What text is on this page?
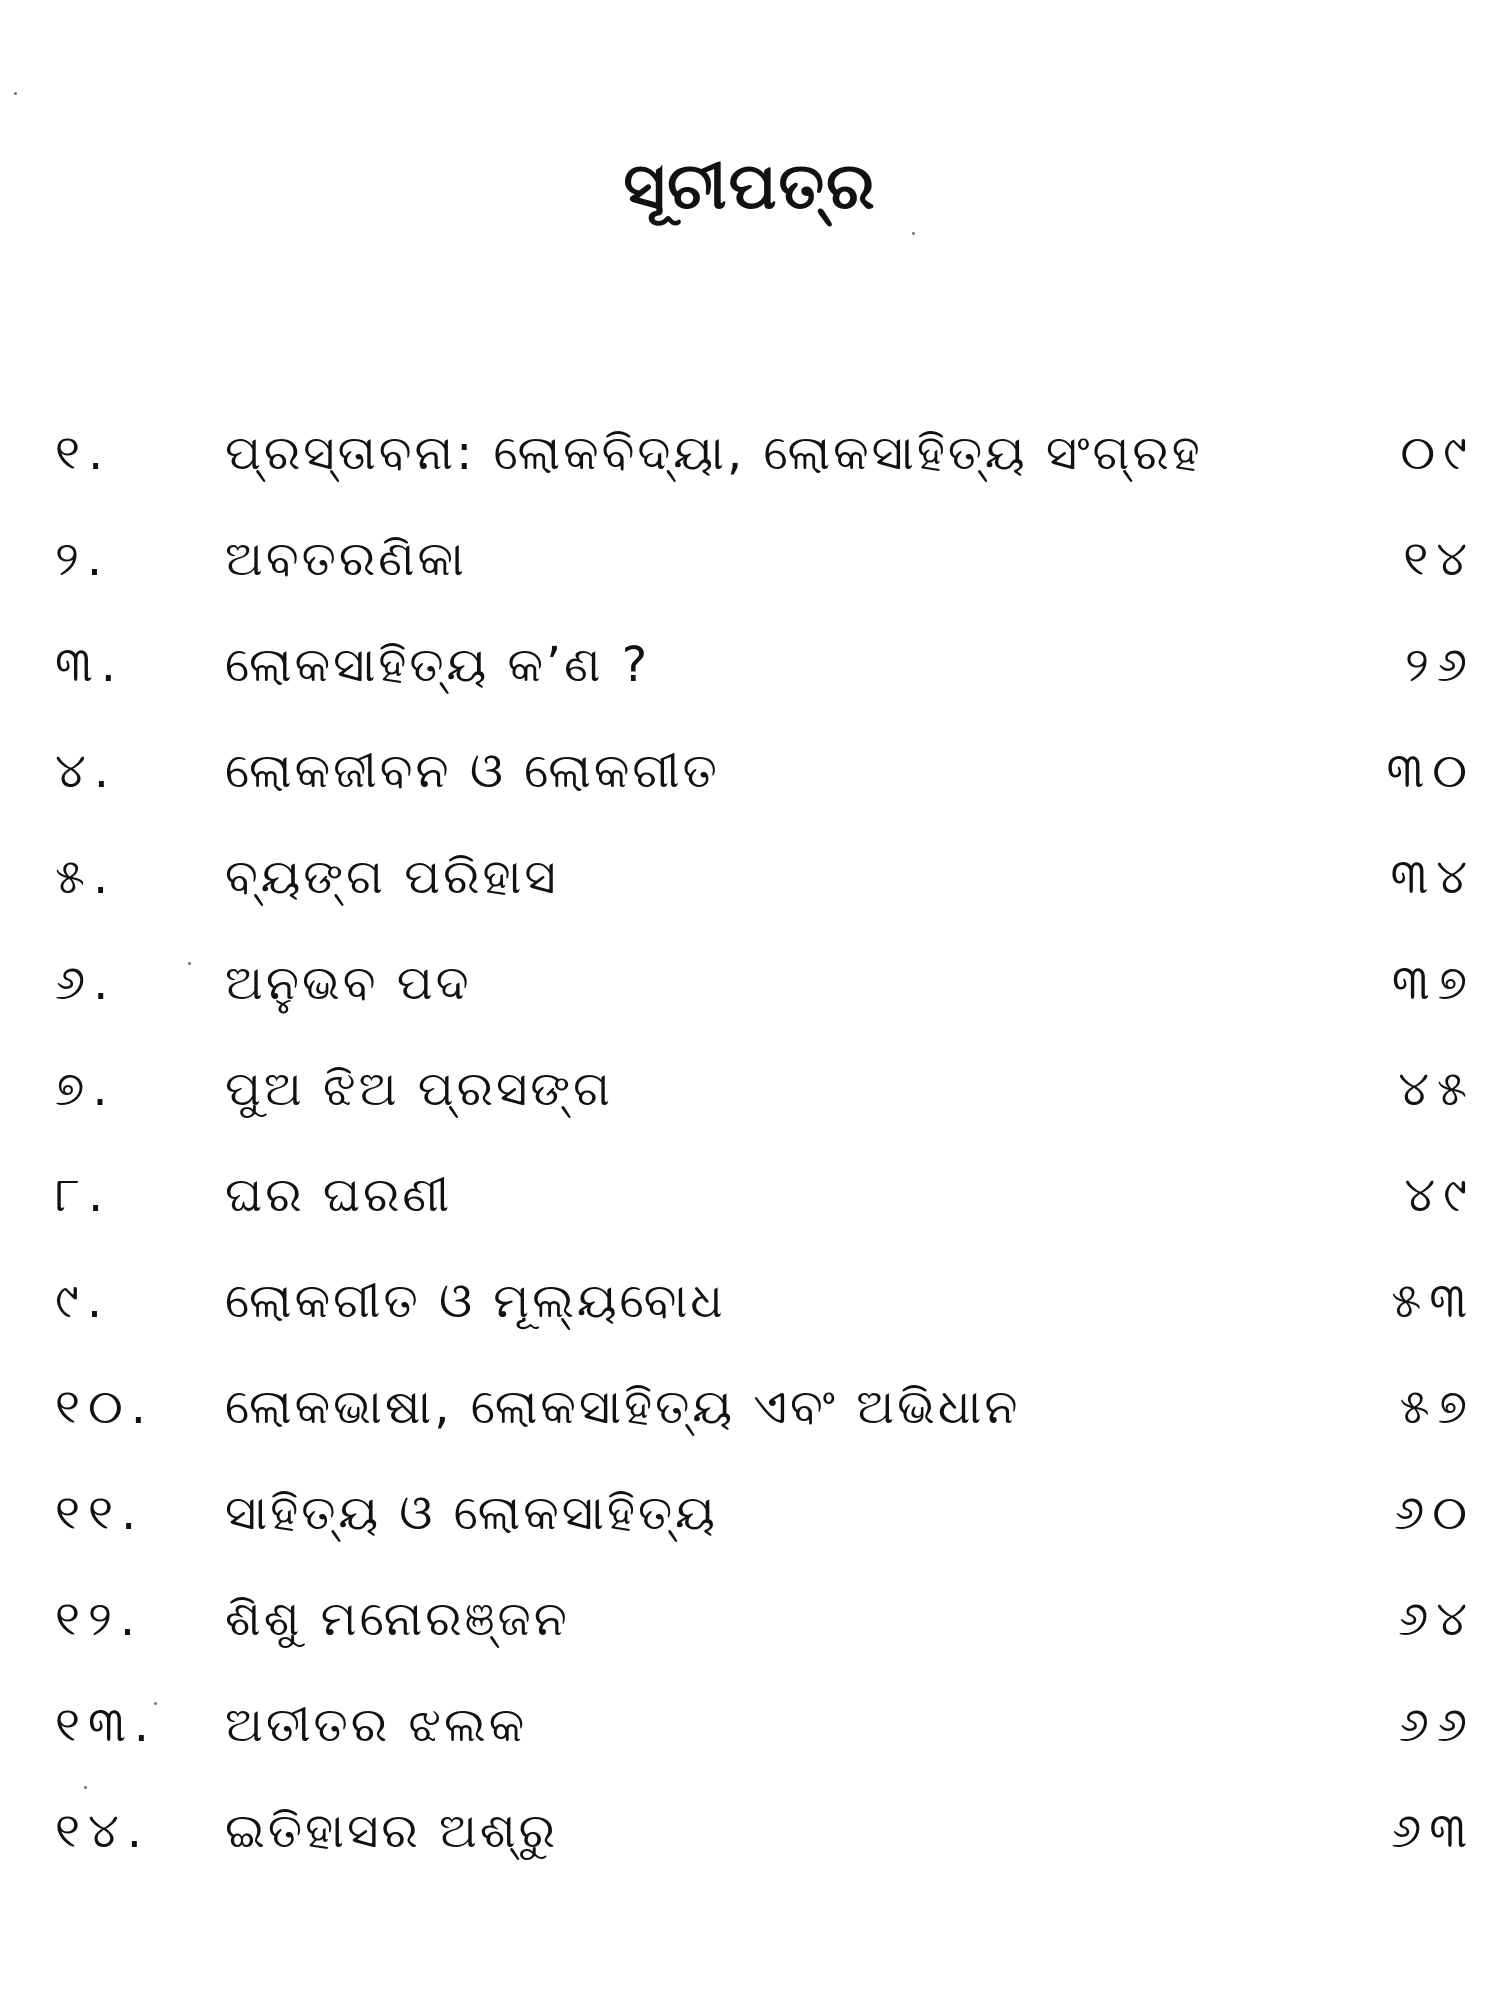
ସୂଚୀପତ୍ର
୧.	ପ୍ରସ୍ତାବନା: ଲୋକବିଦ୍ୟା, ଲୋକସାହିତ୍ୟ ସଂଗ୍ରହ	୦୯
୨.	ଅବତରଣିକା	୧୪
୩.	ଲୋକସାହିତ୍ୟ କ’ଣ ?	୨୬
୪.	ଲୋକଜୀବନ ଓ ଲୋକଗୀତ	୩୦
୫.	ବ୍ୟଙ୍ଗ ପରିହାସ	୩୪
୬.	ଅନୁଭବ ପଦ	୩୭
୭.	ପୁଅ ଝିଅ ପ୍ରସଙ୍ଗ	୪୫
୮.	ଘର ଘରଣୀ	୪୯
୯.	ଲୋକଗୀତ ଓ ମୂଲ୍ୟବୋଧ	୫୩
୧୦.	ଲୋକଭାଷା, ଲୋକସାହିତ୍ୟ ଏବଂ ଅଭିଧାନ	୫୭
୧୧.	ସାହିତ୍ୟ ଓ ଲୋକସାହିତ୍ୟ	୬୦
୧୨.	ଶିଶୁ ମନୋରଞ୍ଜନ	୬୪
୧୩.	ଅତୀତର ଝଲକ	୬୬
୧୪.	ଇତିହାସର ଅଶ୍ରୁ	୬୩
